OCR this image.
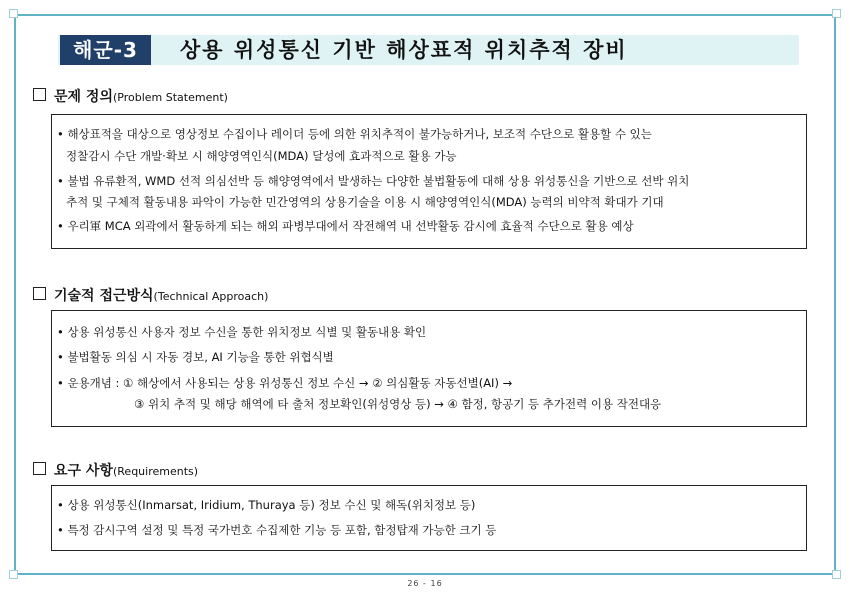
해군-3	상용 위성통신 기반 해상표적 위치추적 장비
문제 정의(Problem Statement)
• 해상표적을 대상으로 영상정보 수집이나 레이더 등에 의한 위치추적이 불가능하거나, 보조적 수단으로 활용할 수 있는
정찰감시 수단 개발·확보 시 해양영역인식(MDA) 달성에 효과적으로 활용 가능
• 불법 유류환적, WMD 선적 의심선박 등 해양영역에서 발생하는 다양한 불법활동에 대해 상용 위성통신을 기반으로 선박 위치
추적 및 구체적 활동내용 파악이 가능한 민간영역의 상용기술을 이용 시 해양영역인식(MDA) 능력의 비약적 확대가 기대
• 우리軍 MCA 외곽에서 활동하게 되는 해외 파병부대에서 작전해역 내 선박활동 감시에 효율적 수단으로 활용 예상
기술적 접근방식(Technical Approach)
• 상용 위성통신 사용자 정보 수신을 통한 위치정보 식별 및 활동내용 확인
• 불법활동 의심 시 자동 경보, AI 기능을 통한 위협식별
• 운용개념 : ① 해상에서 사용되는 상용 위성통신 정보 수신 → ② 의심활동 자동선별(AI) →
③ 위치 추적 및 해당 해역에 타 출처 정보확인(위성영상 등) → ④ 함정, 항공기 등 추가전력 이용 작전대응
요구 사항(Requirements)
• 상용 위성통신(Inmarsat, Iridium, Thuraya 등) 정보 수신 및 해독(위치정보 등)
• 특정 감시구역 설정 및 특정 국가번호 수집제한 기능 등 포함, 함정탑재 가능한 크기 등
26 - 16
